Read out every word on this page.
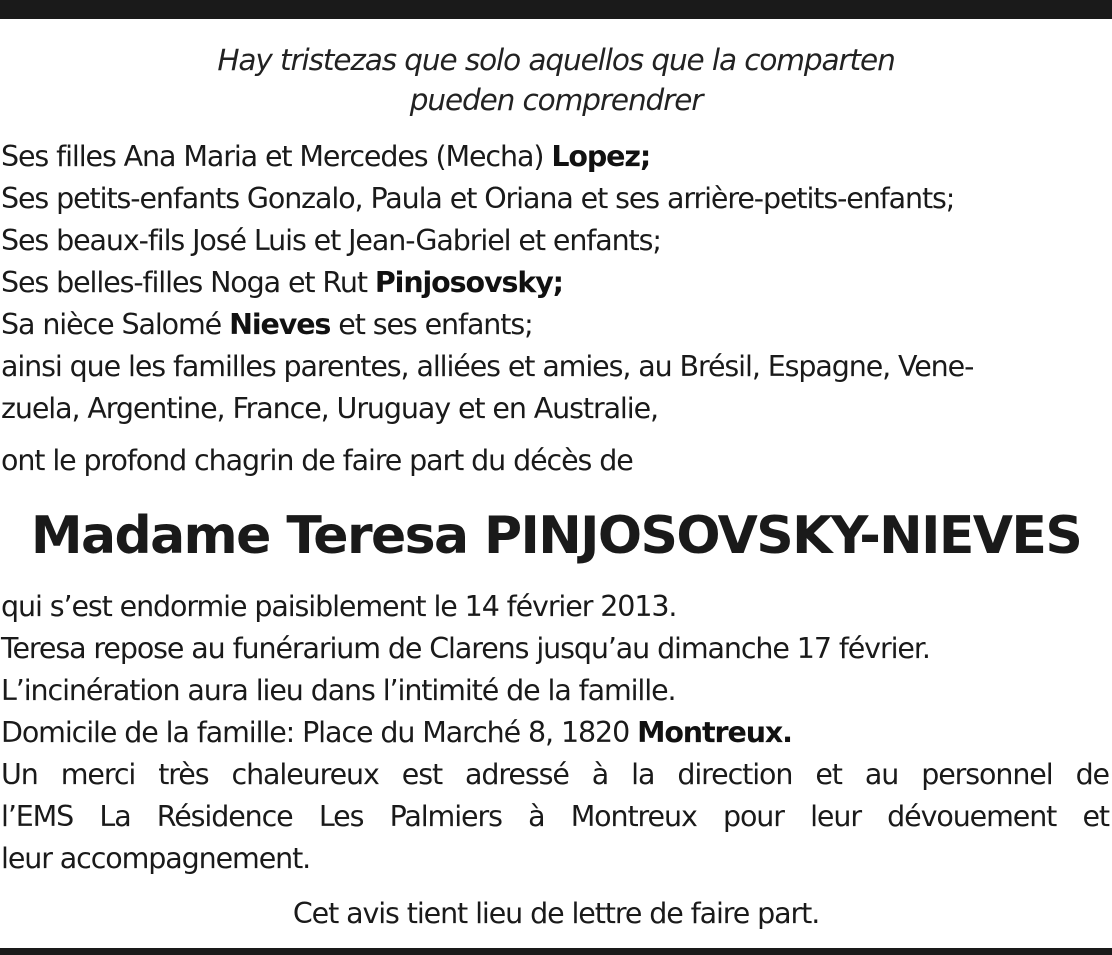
Hay tristezas que solo aquellos que la comparten
pueden comprendrer
Ses filles Ana Maria et Mercedes (Mecha) Lopez;
Ses petits-enfants Gonzalo, Paula et Oriana et ses arrière-petits-enfants;
Ses beaux-fils José Luis et Jean-Gabriel et enfants;
Ses belles-filles Noga et Rut Pinjosovsky;
Sa nièce Salomé Nieves et ses enfants;
ainsi que les familles parentes, alliées et amies, au Brésil, Espagne, Vene-
zuela, Argentine, France, Uruguay et en Australie,
ont le profond chagrin de faire part du décès de
Madame Teresa PINJOSOVSKY-NIEVES
qui s’est endormie paisiblement le 14 février 2013.
Teresa repose au funérarium de Clarens jusqu’au dimanche 17 février.
L’incinération aura lieu dans l’intimité de la famille.
Domicile de la famille: Place du Marché 8, 1820 Montreux.
Un merci très chaleureux est adressé à la direction et au personnel de
l’EMS La Résidence Les Palmiers à Montreux pour leur dévouement et
leur accompagnement.
Cet avis tient lieu de lettre de faire part.
